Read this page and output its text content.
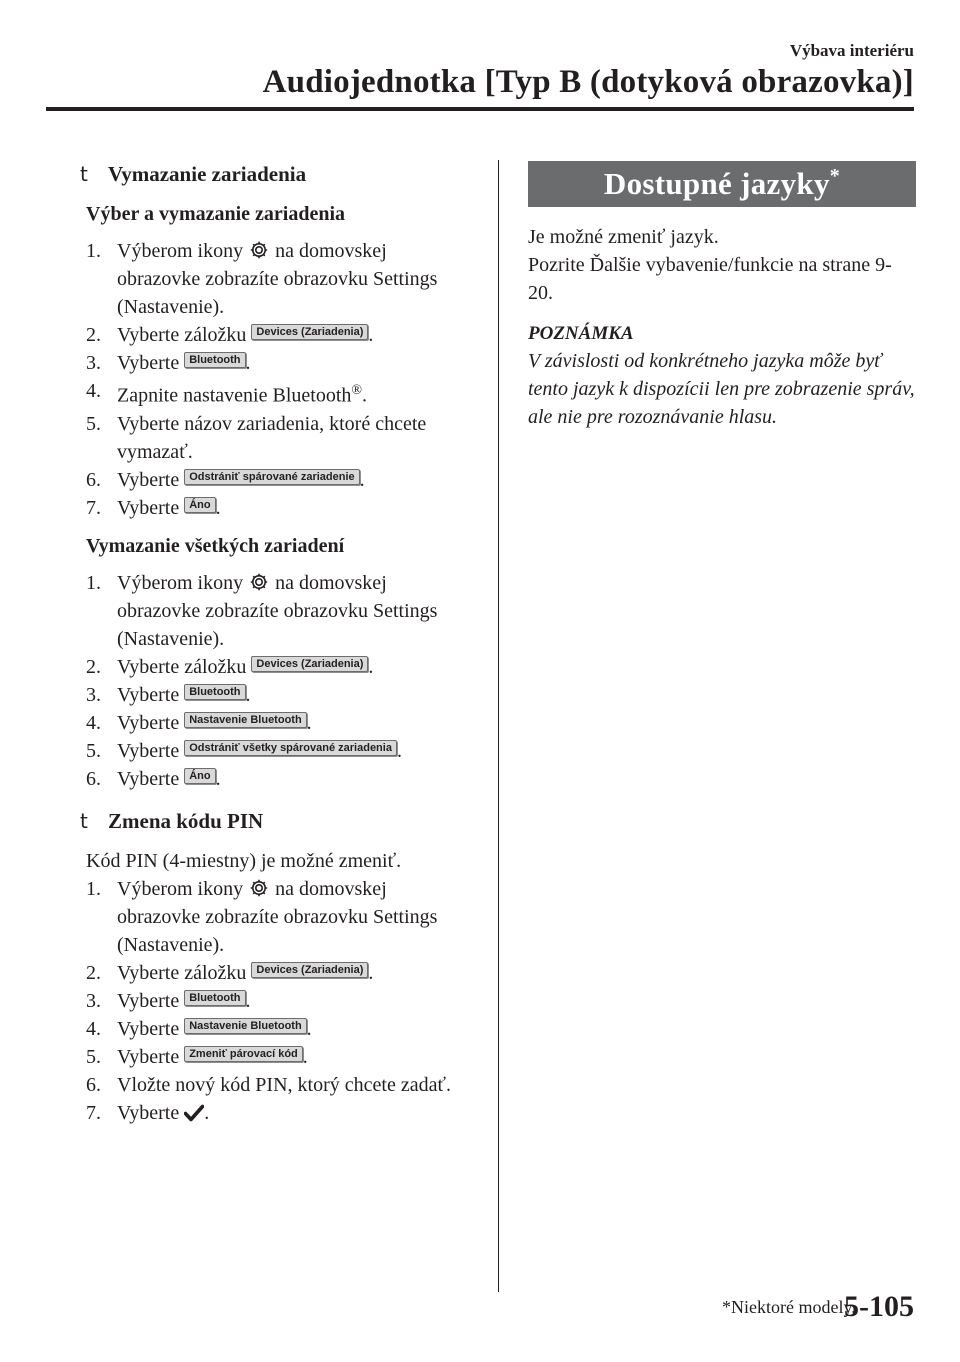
Výbava interiéru
Audiojednotka [Typ B (dotyková obrazovka)]
t Vymazanie zariadenia
Výber a vymazanie zariadenia
1. Výberom ikony na domovskej obrazovke zobrazíte obrazovku Settings (Nastavenie).
2. Vyberte záložku Devices (Zariadenia) .
3. Vyberte Bluetooth .
4. Zapnite nastavenie Bluetooth®.
5. Vyberte názov zariadenia, ktoré chcete vymazať.
6. Vyberte Odstrániť spárované zariadenie .
7. Vyberte Áno .
Vymazanie všetkých zariadení
1. Výberom ikony na domovskej obrazovke zobrazíte obrazovku Settings (Nastavenie).
2. Vyberte záložku Devices (Zariadenia) .
3. Vyberte Bluetooth .
4. Vyberte Nastavenie Bluetooth .
5. Vyberte Odstrániť všetky spárované zariadenia .
6. Vyberte Áno .
t Zmena kódu PIN

Kód PIN (4-miestny) je možné zmeniť.

1. Výberom ikony na domovskej obrazovke zobrazíte obrazovku Settings (Nastavenie).
2. Vyberte záložku Devices (Zariadenia) .
3. Vyberte Bluetooth .
4. Vyberte Nastavenie Bluetooth .
5. Vyberte Zmeniť párovací kód .
6. Vložte nový kód PIN, ktorý chcete zadať.
7. Vyberte .
Dostupné jazyky*

Je možné zmeniť jazyk.

Pozrite Ďalšie vybavenie/funkcie na strane 9-20.

POZNÁMKA

V závislosti od konkrétneho jazyka môže byť tento jazyk k dispozícii len pre zobrazenie správ, ale nie pre rozoznávanie hlasu.

*Niektoré modely.
5-105
